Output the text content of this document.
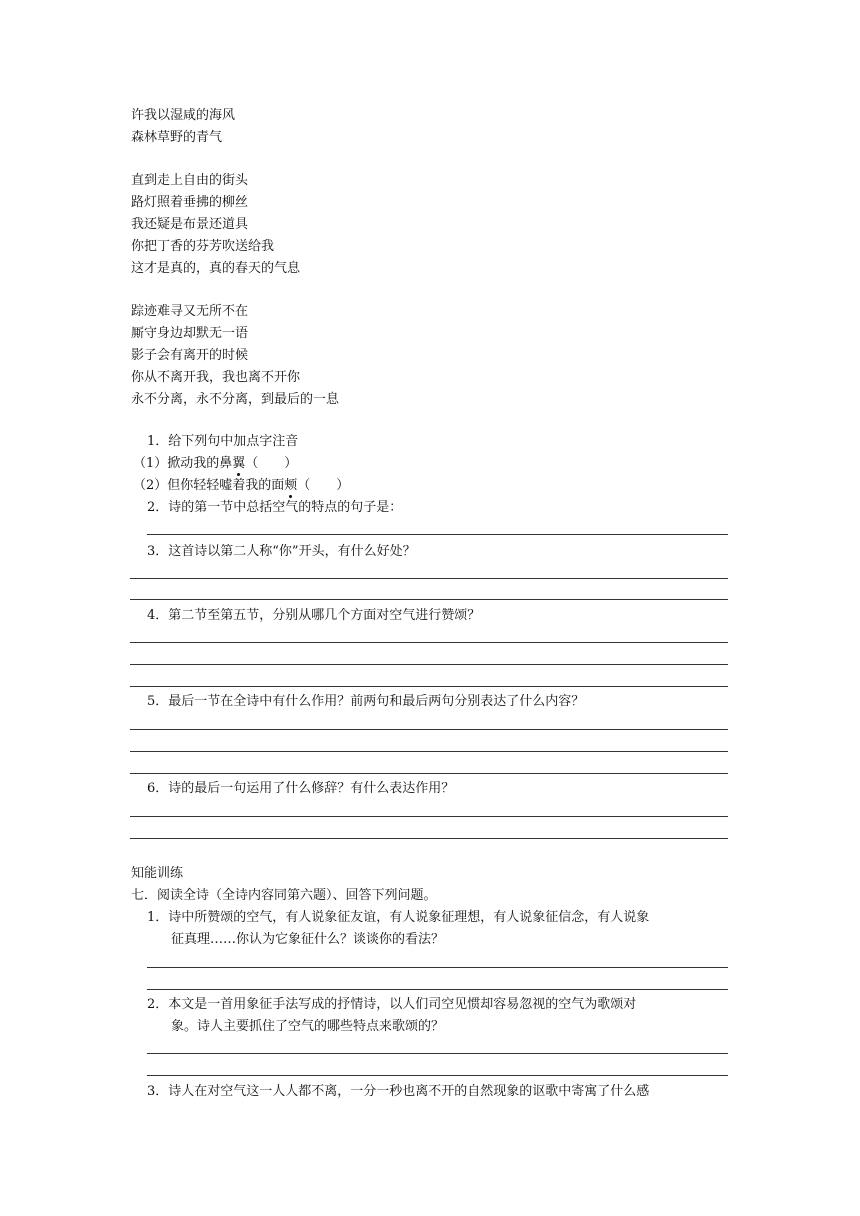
许我以湿咸的海风
森林草野的青气
直到走上自由的街头
路灯照着垂拂的柳丝
我还疑是布景还道具
你把丁香的芬芳吹送给我
这才是真的，真的春天的气息
踪迹难寻又无所不在
厮守身边却默无一语
影子会有离开的时候
你从不离开我，我也离不开你
永不分离，永不分离，到最后的一息
1．给下列句中加点字注音
（1）掀动我的鼻翼（　　）
（2）但你轻轻嘘着我的面颊（　　）
2．诗的第一节中总括空气的特点的句子是：
3．这首诗以第二人称“你”开头，有什么好处？
4．第二节至第五节，分别从哪几个方面对空气进行赞颂？
5．最后一节在全诗中有什么作用？前两句和最后两句分别表达了什么内容？
6．诗的最后一句运用了什么修辞？有什么表达作用？
知能训练
七．阅读全诗（全诗内容同第六题）、回答下列问题。
1．诗中所赞颂的空气，有人说象征友谊，有人说象征理想，有人说象征信念，有人说象
征真理……你认为它象征什么？谈谈你的看法？
2．本文是一首用象征手法写成的抒情诗，以人们司空见惯却容易忽视的空气为歌颂对
象。诗人主要抓住了空气的哪些特点来歌颂的？
3．诗人在对空气这一人人都不离，一分一秒也离不开的自然现象的讴歌中寄寓了什么感
